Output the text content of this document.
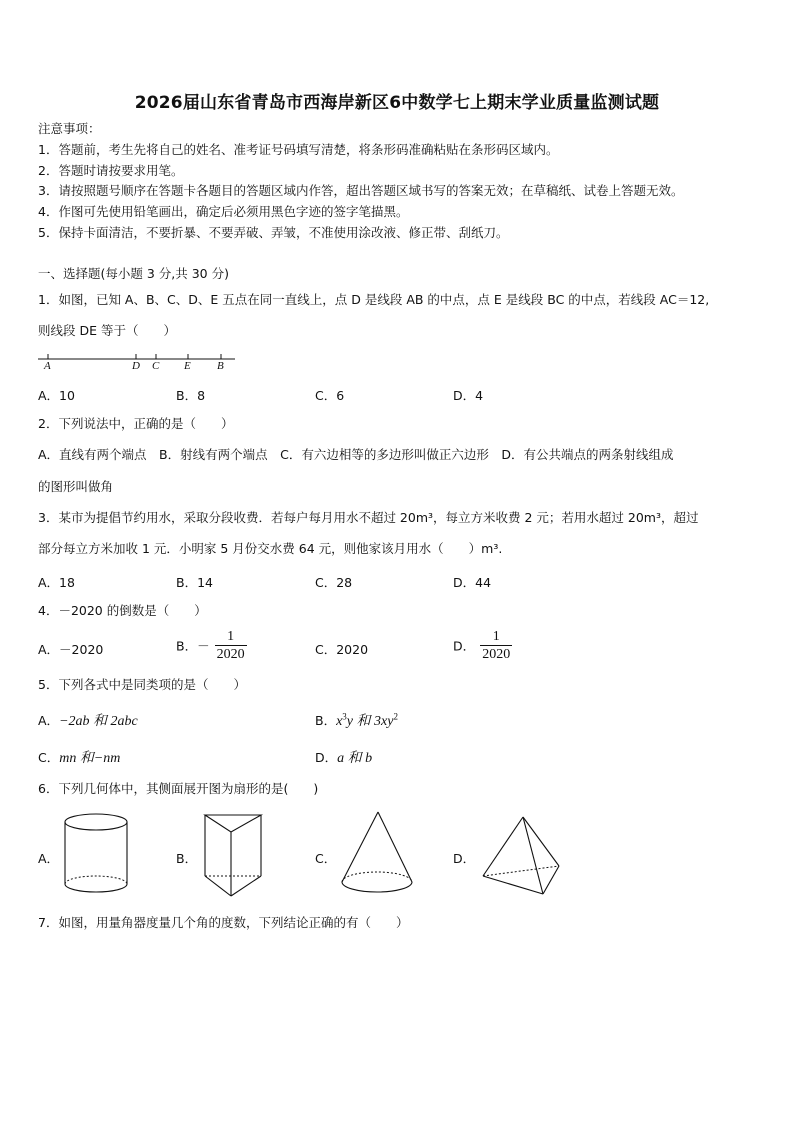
2026届山东省青岛市西海岸新区6中数学七上期末学业质量监测试题
注意事项：
1．答题前，考生先将自己的姓名、准考证号码填写清楚，将条形码准确粘贴在条形码区域内。
2．答题时请按要求用笔。
3．请按照题号顺序在答题卡各题目的答题区域内作答，超出答题区域书写的答案无效；在草稿纸、试卷上答题无效。
4．作图可先使用铅笔画出，确定后必须用黑色字迹的签字笔描黑。
5．保持卡面清洁，不要折暴、不要弄破、弄皱，不准使用涂改液、修正带、刮纸刀。
一、选择题(每小题 3 分,共 30 分)
1．如图，已知 A、B、C、D、E 五点在同一直线上，点 D 是线段 AB 的中点，点 E 是线段 BC 的中点，若线段 AC＝12,
则线段 DE 等于（　　）
A	D C E B
A．10	B．8	C．6	D．4
2．下列说法中，正确的是（　　）
A．直线有两个端点　B．射线有两个端点　C．有六边相等的多边形叫做正六边形　D．有公共端点的两条射线组成
的图形叫做角
3．某市为提倡节约用水，采取分段收费．若每户每月用水不超过 20m³，每立方米收费 2 元；若用水超过 20m³，超过
部分每立方米加收 1 元．小明家 5 月份交水费 64 元，则他家该月用水（　　）m³.
A．18	B．14	C．28	D．44
4．－2020 的倒数是（　　）
A．－2020	B．－ $\frac{1}{2020}$	C．2020	D． $\frac{1}{2020}$
5．下列各式中是同类项的是（　　）
A．−2ab 和 2abc	B．$x^3y$ 和 $3xy^2$
C．mn 和−nm	D．a 和 b
6．下列几何体中，其侧面展开图为扇形的是(　　)
A．	B．	C．	D．
7．如图，用量角器度量几个角的度数，下列结论正确的有（　　）
